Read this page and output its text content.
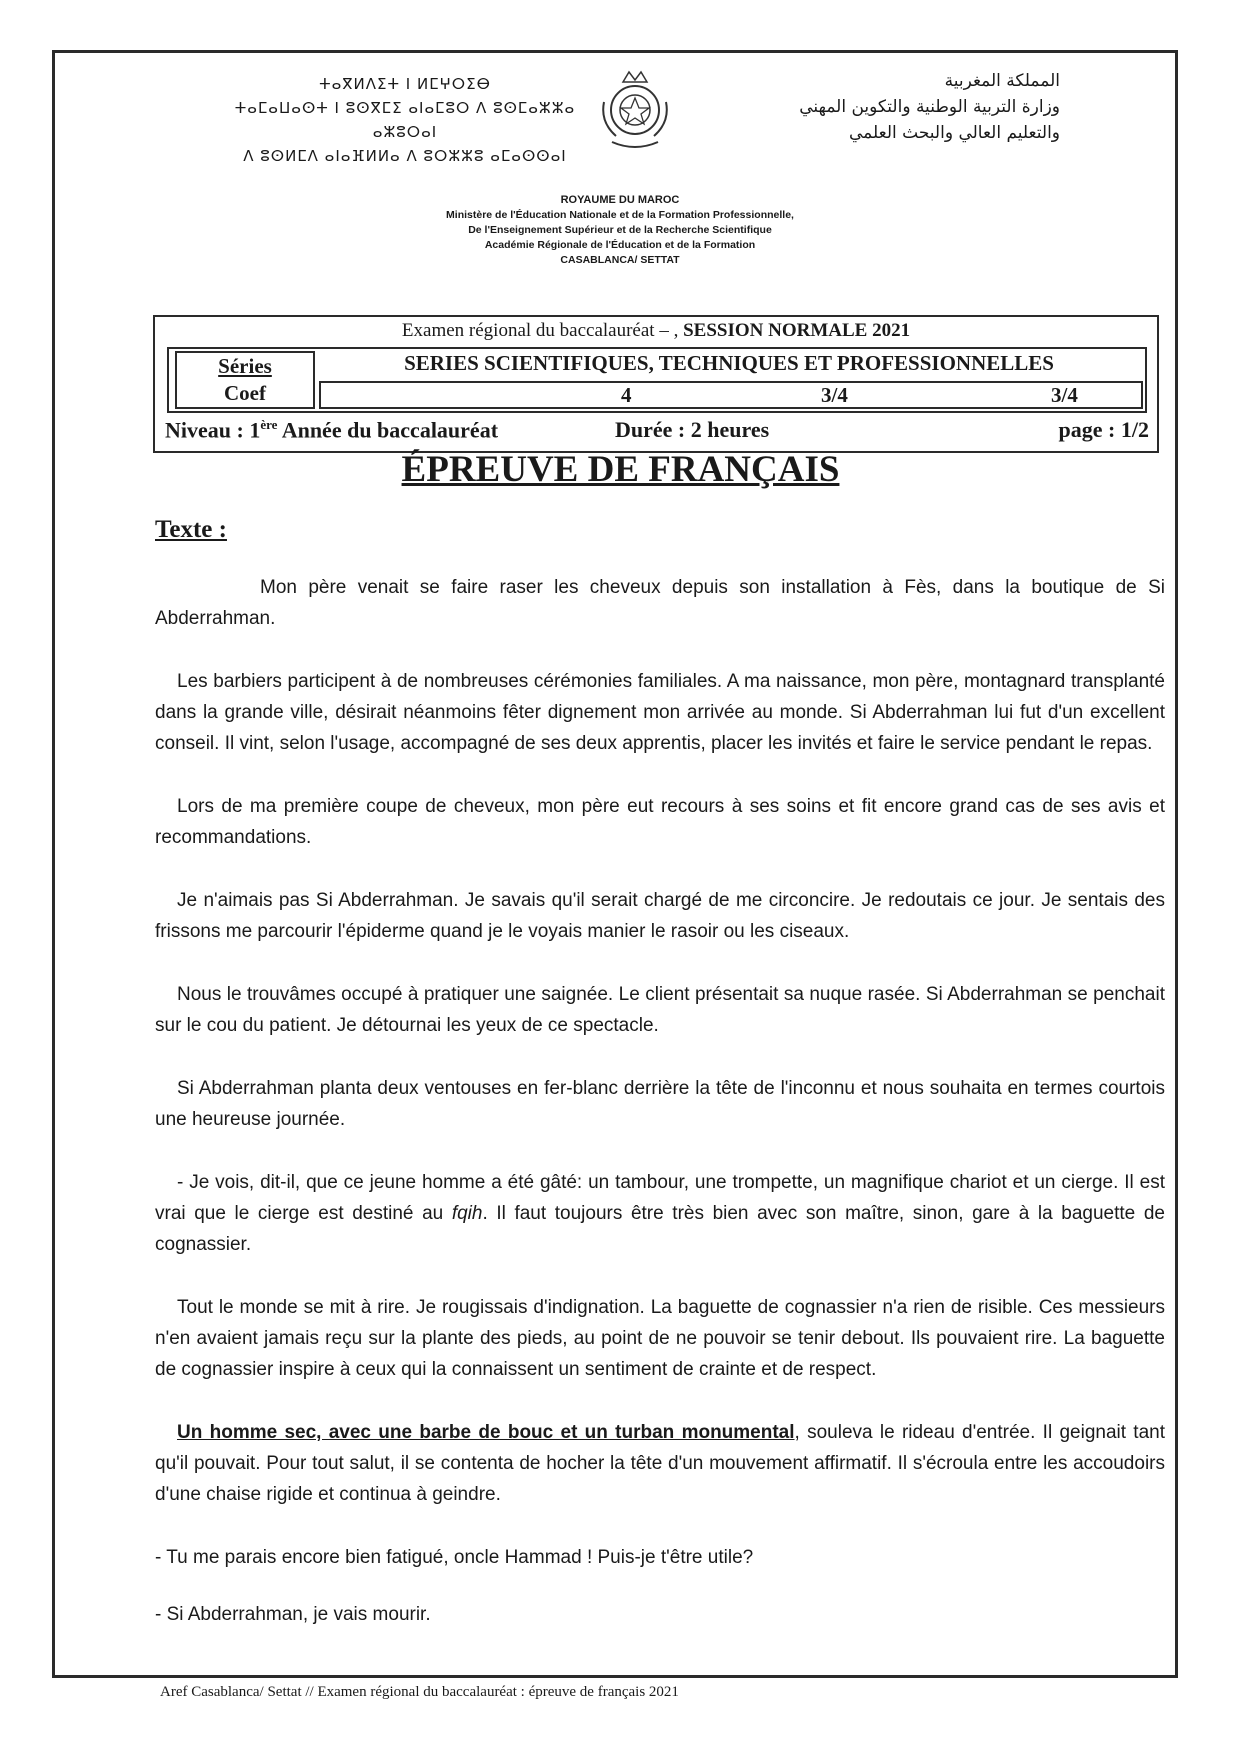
ⵜⴰⴳⵍⴷⵉⵜ ⵏ ⵍⵎⵖⵔⵉⴱ
ⵜⴰⵎⴰⵡⴰⵙⵜ ⵏ ⵓⵙⴳⵎⵉ ⴰⵏⴰⵎⵓⵔ ⴷ ⵓⵙⵎⴰⵣⵣⴰ ⴰⵣⵓⵔⴰⵏ
ⴷ ⵓⵙⵍⵎⴷ ⴰⵏⴰⴼⵍⵍⴰ ⴷ ⵓⵔⵣⵣⵓ ⴰⵎⴰⵙⵙⴰⵏ
المملكة المغربية
وزارة التربية الوطنية والتكوين المهني
والتعليم العالي والبحث العلمي
ROYAUME DU MAROC
Ministère de l'Éducation Nationale et de la Formation Professionnelle,
De l'Enseignement Supérieur et de la Recherche Scientifique
Académie Régionale de l'Éducation et de la Formation
CASABLANCA/ SETTAT
Examen régional du baccalauréat – , SESSION NORMALE 2021
Séries
Coef
SERIES SCIENTIFIQUES, TECHNIQUES ET PROFESSIONNELLES
4	3/4	3/4
Niveau : 1ère Année du baccalauréat	Durée : 2 heures	page : 1/2
ÉPREUVE DE FRANÇAIS
Texte :

Mon père venait se faire raser les cheveux depuis son installation à Fès, dans la boutique de Si Abderrahman.

Les barbiers participent à de nombreuses cérémonies familiales. A ma naissance, mon père, montagnard transplanté dans la grande ville, désirait néanmoins fêter dignement mon arrivée au monde. Si Abderrahman lui fut d'un excellent conseil. Il vint, selon l'usage, accompagné de ses deux apprentis, placer les invités et faire le service pendant le repas.

Lors de ma première coupe de cheveux, mon père eut recours à ses soins et fit encore grand cas de ses avis et recommandations.

Je n'aimais pas Si Abderrahman. Je savais qu'il serait chargé de me circoncire. Je redoutais ce jour. Je sentais des frissons me parcourir l'épiderme quand je le voyais manier le rasoir ou les ciseaux.

Nous le trouvâmes occupé à pratiquer une saignée. Le client présentait sa nuque rasée. Si Abderrahman se penchait sur le cou du patient. Je détournai les yeux de ce spectacle.

Si Abderrahman planta deux ventouses en fer-blanc derrière la tête de l'inconnu et nous souhaita en termes courtois une heureuse journée.

- Je vois, dit-il, que ce jeune homme a été gâté: un tambour, une trompette, un magnifique chariot et un cierge. Il est vrai que le cierge est destiné au fqih. Il faut toujours être très bien avec son maître, sinon, gare à la baguette de cognassier.

Tout le monde se mit à rire. Je rougissais d'indignation. La baguette de cognassier n'a rien de risible. Ces messieurs n'en avaient jamais reçu sur la plante des pieds, au point de ne pouvoir se tenir debout. Ils pouvaient rire. La baguette de cognassier inspire à ceux qui la connaissent un sentiment de crainte et de respect.

Un homme sec, avec une barbe de bouc et un turban monumental, souleva le rideau d'entrée. Il geignait tant qu'il pouvait. Pour tout salut, il se contenta de hocher la tête d'un mouvement affirmatif. Il s'écroula entre les accoudoirs d'une chaise rigide et continua à geindre.

- Tu me parais encore bien fatigué, oncle Hammad ! Puis-je t'être utile?

- Si Abderrahman, je vais mourir.

Aref Casablanca/ Settat // Examen régional du baccalauréat : épreuve de français 2021
